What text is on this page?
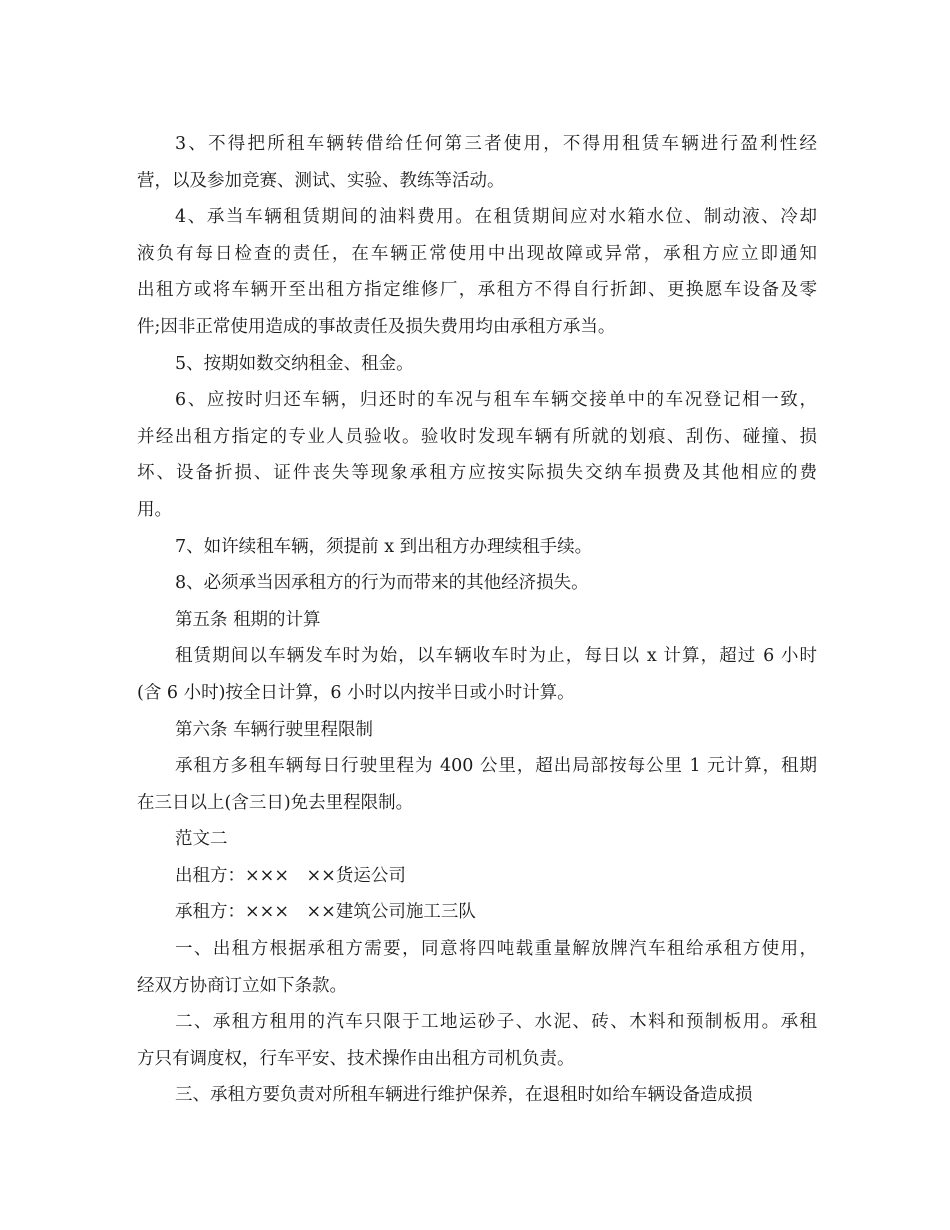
3、不得把所租车辆转借给任何第三者使用，不得用租赁车辆进行盈利性经
营，以及参加竞赛、测试、实验、教练等活动。
4、承当车辆租赁期间的油料费用。在租赁期间应对水箱水位、制动液、冷却
液负有每日检查的责任，在车辆正常使用中出现故障或异常，承租方应立即通知
出租方或将车辆开至出租方指定维修厂，承租方不得自行折卸、更换愿车设备及零
件;因非正常使用造成的事故责任及损失费用均由承租方承当。
5、按期如数交纳租金、租金。
6、应按时归还车辆，归还时的车况与租车车辆交接单中的车况登记相一致，
并经出租方指定的专业人员验收。验收时发现车辆有所就的划痕、刮伤、碰撞、损
坏、设备折损、证件丧失等现象承租方应按实际损失交纳车损费及其他相应的费
用。
7、如许续租车辆，须提前 x 到出租方办理续租手续。
8、必须承当因承租方的行为而带来的其他经济损失。
第五条 租期的计算
租赁期间以车辆发车时为始，以车辆收车时为止，每日以 x 计算，超过 6 小时
(含 6 小时)按全日计算，6 小时以内按半日或小时计算。
第六条 车辆行驶里程限制
承租方多租车辆每日行驶里程为 400 公里，超出局部按每公里 1 元计算，租期
在三日以上(含三日)免去里程限制。
范文二
出租方：×××　××货运公司
承租方：×××　××建筑公司施工三队
一、出租方根据承租方需要，同意将四吨载重量解放牌汽车租给承租方使用，
经双方协商订立如下条款。
二、承租方租用的汽车只限于工地运砂子、水泥、砖、木料和预制板用。承租
方只有调度权，行车平安、技术操作由出租方司机负责。
三、承租方要负责对所租车辆进行维护保养，在退租时如给车辆设备造成损
